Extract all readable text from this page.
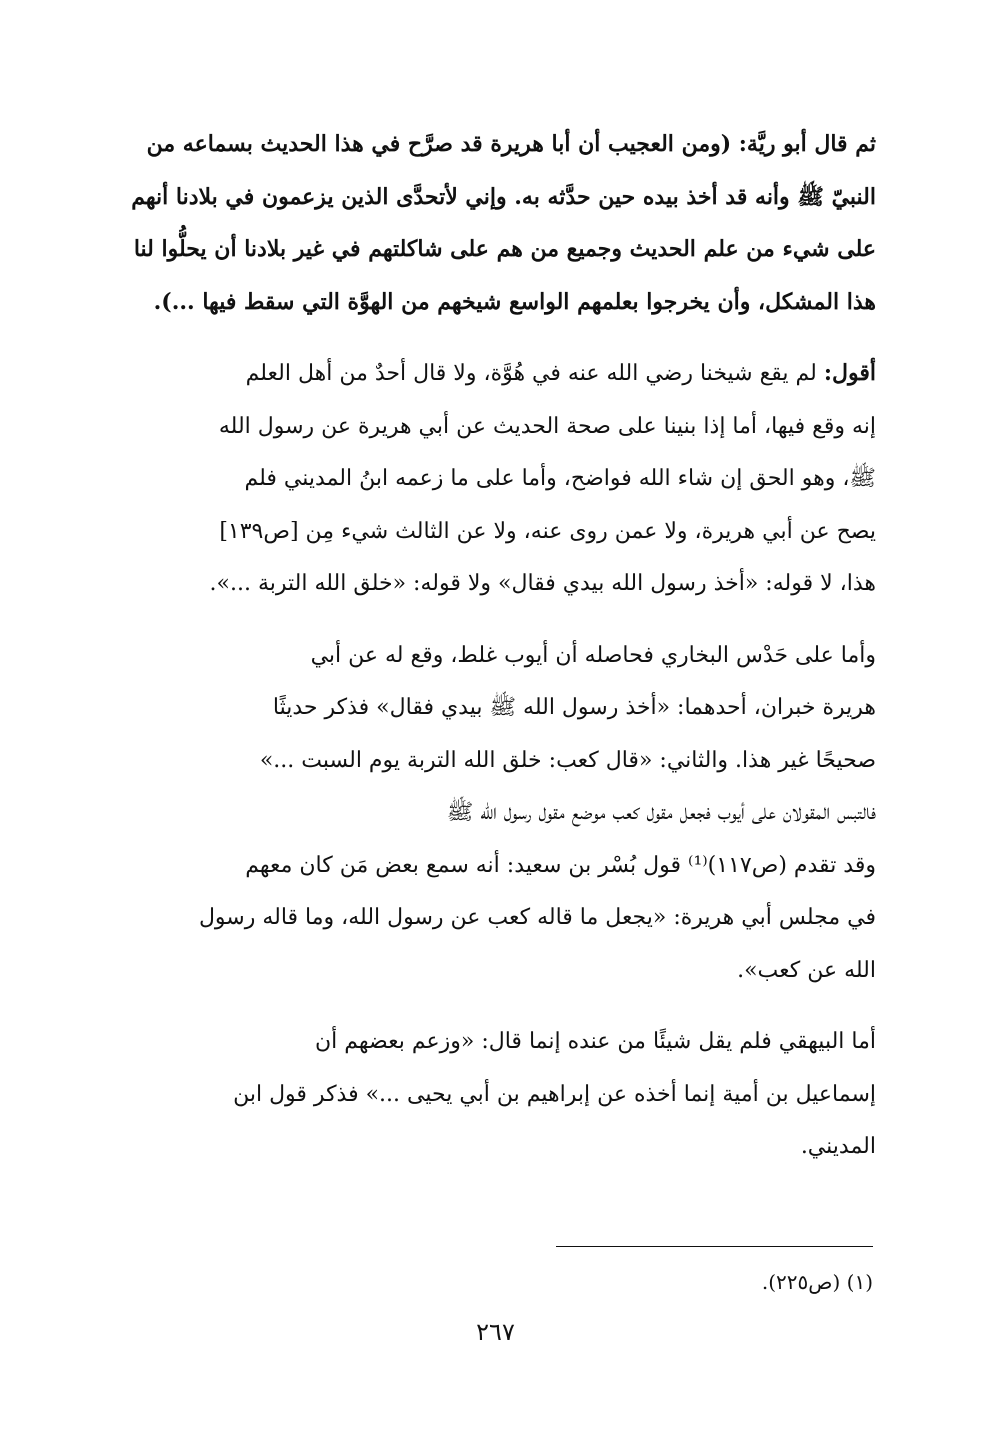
ثم قال أبو ريَّة: (ومن العجيب أن أبا هريرة قد صرَّح في هذا الحديث بسماعه من

النبيّ ﷺ وأنه قد أخذ بيده حين حدَّثه به. وإني لأتحدَّى الذين يزعمون في بلادنا أنهم

على شيء من علم الحديث وجميع من هم على شاكلتهم في غير بلادنا أن يحلُّوا لنا

هذا المشكل، وأن يخرجوا بعلمهم الواسع شيخهم من الهوَّة التي سقط فيها ...).

أقول: لم يقع شيخنا رضي الله عنه في هُوَّة، ولا قال أحدٌ من أهل العلم

إنه وقع فيها، أما إذا بنينا على صحة الحديث عن أبي هريرة عن رسول الله

ﷺ، وهو الحق إن شاء الله فواضح، وأما على ما زعمه ابنُ المديني فلم

يصح عن أبي هريرة، ولا عمن روى عنه، ولا عن الثالث شيء مِن [ص١٣٩]

هذا، لا قوله: «أخذ رسول الله بيدي فقال» ولا قوله: «خلق الله التربة ...».

وأما على حَدْس البخاري فحاصله أن أيوب غلط، وقع له عن أبي

هريرة خبران، أحدهما: «أخذ رسول الله ﷺ بيدي فقال» فذكر حديثًا

صحيحًا غير هذا. والثاني: «قال كعب: خلق الله التربة يوم السبت ...»

فالتبس المقولان على أيوب فجعل مقول كعب موضع مقول رسول الله ﷺ

وقد تقدم (ص١١٧)⁽¹⁾ قول بُسْر بن سعيد: أنه سمع بعض مَن كان معهم

في مجلس أبي هريرة: «يجعل ما قاله كعب عن رسول الله، وما قاله رسول

الله عن كعب».

أما البيهقي فلم يقل شيئًا من عنده إنما قال: «وزعم بعضهم أن

إسماعيل بن أمية إنما أخذه عن إبراهيم بن أبي يحيى ...» فذكر قول ابن

المديني.

(١) (ص٢٢٥).
٢٦٧
